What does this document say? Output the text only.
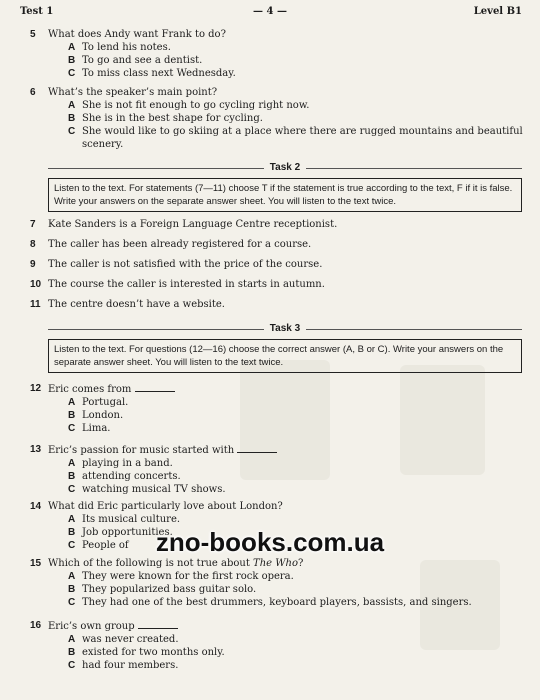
Test 1	— 4 —	Level B1
5 What does Andy want Frank to do?
A To lend his notes.
B To go and see a dentist.
C To miss class next Wednesday.
6 What’s the speaker’s main point?
A She is not fit enough to go cycling right now.
B She is in the best shape for cycling.
C She would like to go skiing at a place where there are rugged mountains and beautiful scenery.
Task 2
Listen to the text. For statements (7—11) choose T if the statement is true according to the text, F if it is false. Write your answers on the separate answer sheet. You will listen to the text twice.
7 Kate Sanders is a Foreign Language Centre receptionist.
8 The caller has been already registered for a course.
9 The caller is not satisfied with the price of the course.
10 The course the caller is interested in starts in autumn.
11 The centre doesn’t have a website.
Task 3
Listen to the text. For questions (12—16) choose the correct answer (A, B or C). Write your answers on the separate answer sheet. You will listen to the text twice.
12 Eric comes from
A Portugal.
B London.
C Lima.
13 Eric’s passion for music started with
A playing in a band.
B attending concerts.
C watching musical TV shows.
14 What did Eric particularly love about London?
A Its musical culture.
B Job opportunities.
C People of
15 Which of the following is not true about The Who?
A They were known for the first rock opera.
B They popularized bass guitar solo.
C They had one of the best drummers, keyboard players, bassists, and singers.
16 Eric’s own group
A was never created.
B existed for two months only.
C had four members.
zno-books.com.ua
